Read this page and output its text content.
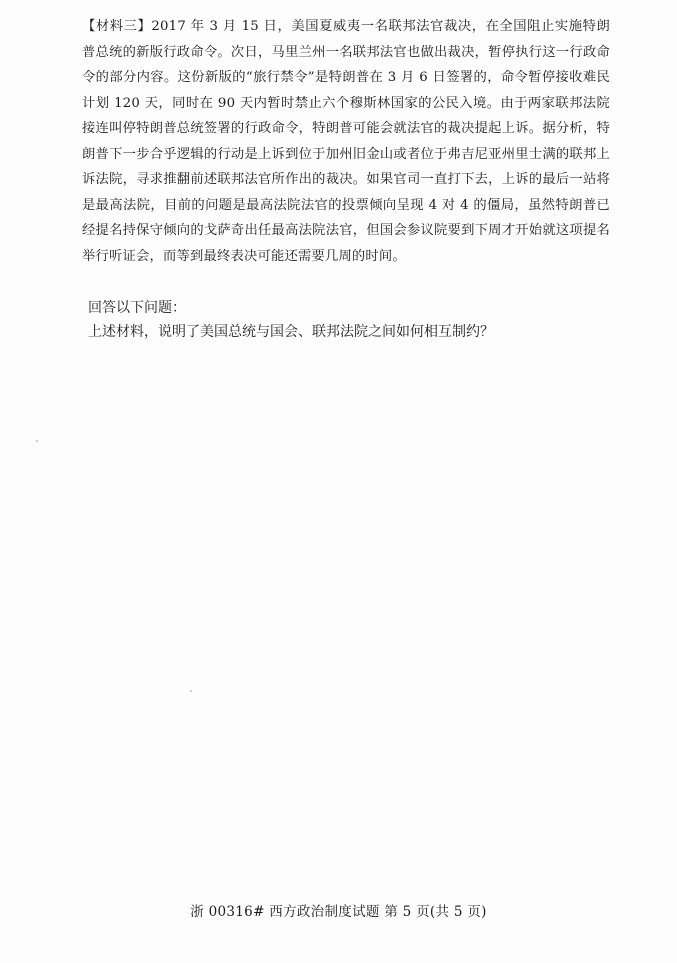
【材料三】2017 年 3 月 15 日，美国夏威夷一名联邦法官裁决，在全国阻止实施特朗普总统的新版行政命令。次日，马里兰州一名联邦法官也做出裁决，暂停执行这一行政命令的部分内容。这份新版的“旅行禁令”是特朗普在 3 月 6 日签署的，命令暂停接收难民计划 120 天，同时在 90 天内暂时禁止六个穆斯林国家的公民入境。由于两家联邦法院接连叫停特朗普总统签署的行政命令，特朗普可能会就法官的裁决提起上诉。据分析，特朗普下一步合乎逻辑的行动是上诉到位于加州旧金山或者位于弗吉尼亚州里士满的联邦上诉法院，寻求推翻前述联邦法官所作出的裁决。如果官司一直打下去，上诉的最后一站将是最高法院，目前的问题是最高法院法官的投票倾向呈现 4 对 4 的僵局，虽然特朗普已经提名持保守倾向的戈萨奇出任最高法院法官，但国会参议院要到下周才开始就这项提名举行听证会，而等到最终表决可能还需要几周的时间。

回答以下问题：
上述材料，说明了美国总统与国会、联邦法院之间如何相互制约？
浙 00316# 西方政治制度试题 第 5 页(共 5 页)
